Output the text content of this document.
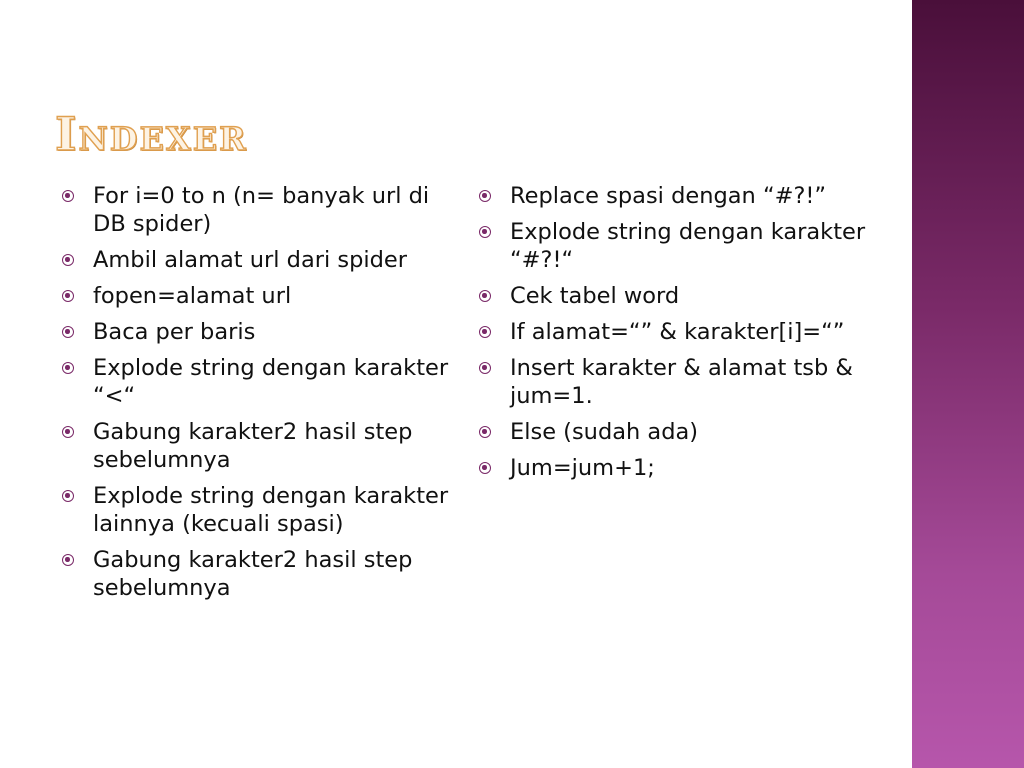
Indexer
For i=0 to n (n= banyak url di DB spider)
Ambil alamat url dari spider
fopen=alamat url
Baca per baris
Explode string dengan karakter “<“
Gabung karakter2 hasil step sebelumnya
Explode string dengan karakter lainnya (kecuali spasi)
Gabung karakter2 hasil step sebelumnya
Replace spasi dengan “#?!”
Explode string dengan karakter “#?!“
Cek tabel word
If alamat=“” & karakter[i]=“”
Insert karakter & alamat tsb & jum=1.
Else (sudah ada)
Jum=jum+1;
